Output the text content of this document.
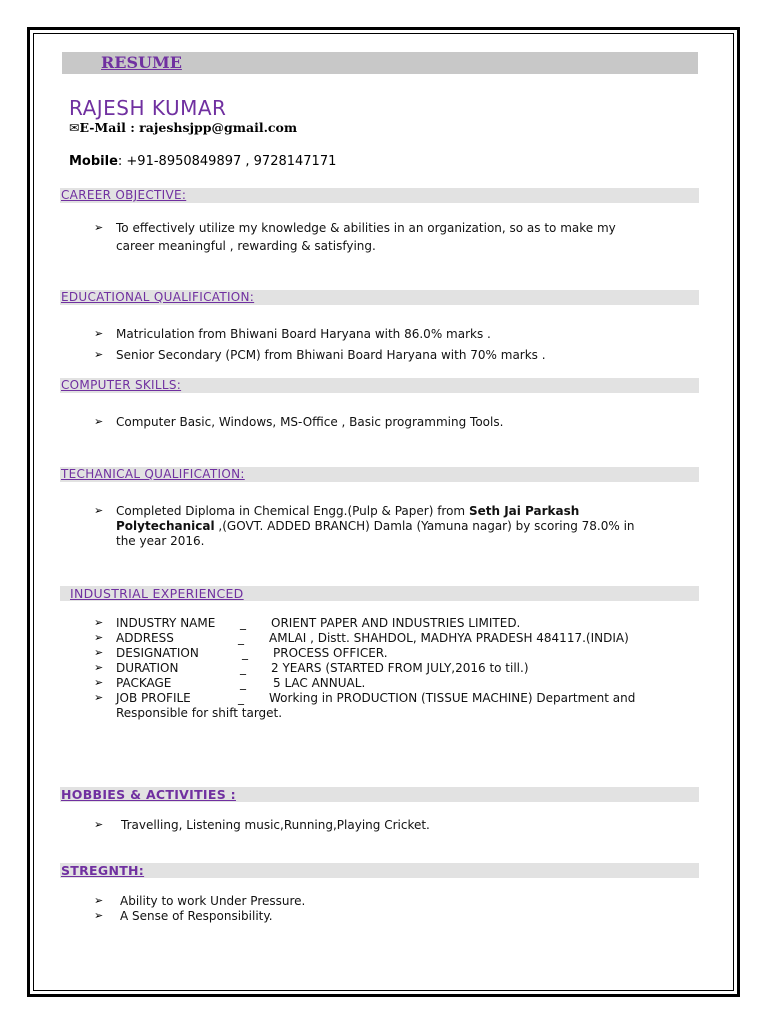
RESUME
RAJESH KUMAR
✉E-Mail : rajeshsjpp@gmail.com
Mobile: +91-8950849897 , 9728147171
CAREER OBJECTIVE:
➢ To effectively utilize my knowledge & abilities in an organization, so as to make my
career meaningful , rewarding & satisfying.
EDUCATIONAL QUALIFICATION:
➢ Matriculation from Bhiwani Board Haryana with 86.0% marks .
➢ Senior Secondary (PCM) from Bhiwani Board Haryana with 70% marks .
COMPUTER SKILLS:
➢ Computer Basic, Windows, MS-Office , Basic programming Tools.
TECHANICAL QUALIFICATION:
➢ Completed Diploma in Chemical Engg.(Pulp & Paper) from Seth Jai Parkash
Polytechanical ,(GOVT. ADDED BRANCH) Damla (Yamuna nagar) by scoring 78.0% in
the year 2016.
INDUSTRIAL EXPERIENCED
➢ INDUSTRY NAME _ ORIENT PAPER AND INDUSTRIES LIMITED.
➢ ADDRESS	_ AMLAI , Distt. SHAHDOL, MADHYA PRADESH 484117.(INDIA)
➢ DESIGNATION	_ PROCESS OFFICER.
➢ DURATION	_ 2 YEARS (STARTED FROM JULY,2016 to till.)
➢ PACKAGE	_ 5 LAC ANNUAL.
➢ JOB PROFILE	_ Working in PRODUCTION (TISSUE MACHINE) Department and
Responsible for shift target.
HOBBIES & ACTIVITIES :
➢ Travelling, Listening music,Running,Playing Cricket.
STREGNTH:
➢ Ability to work Under Pressure.
➢ A Sense of Responsibility.
